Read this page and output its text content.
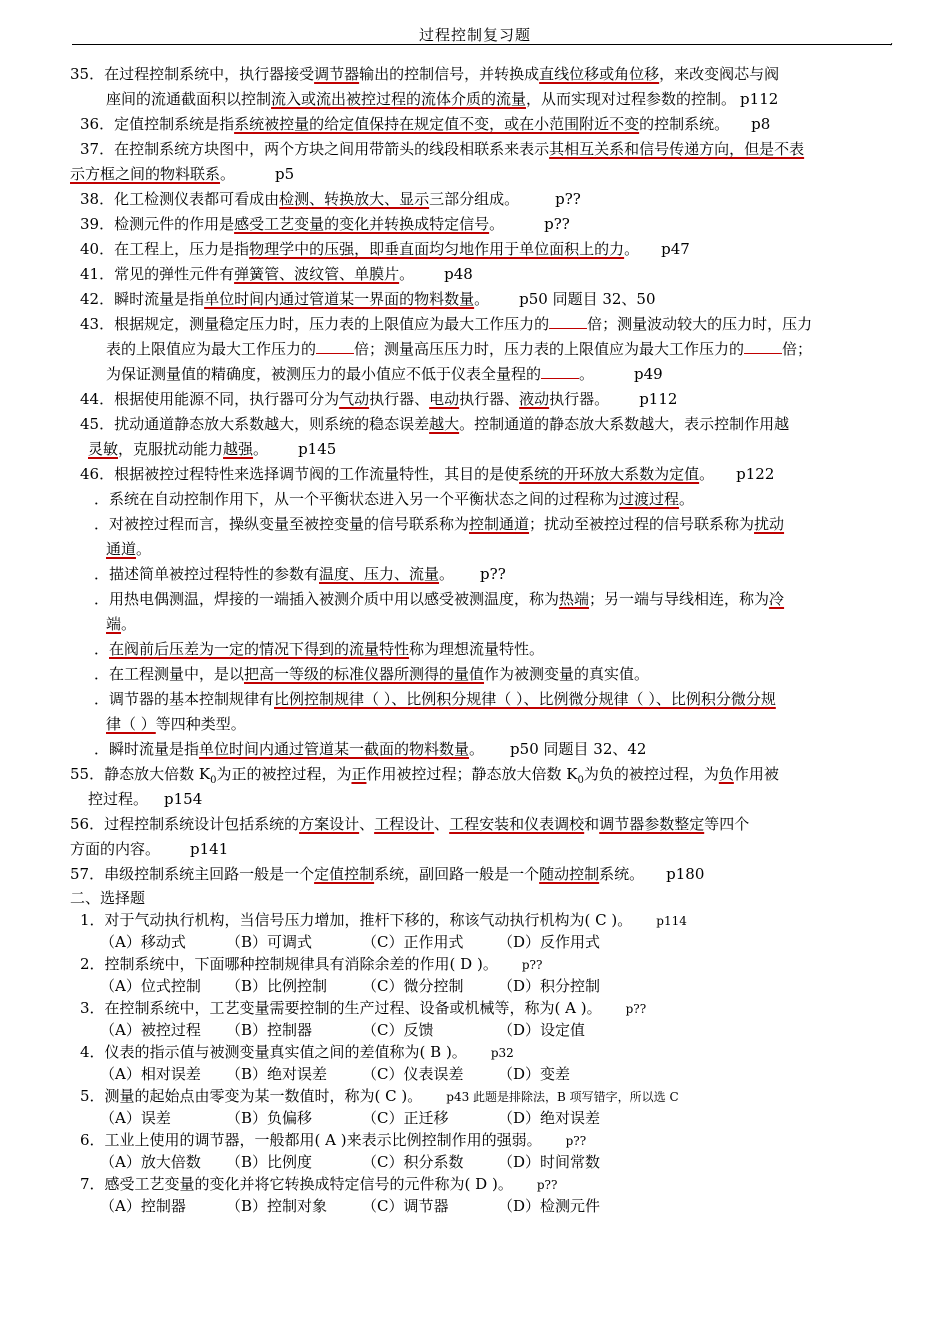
过程控制复习题	,
35．在过程控制系统中，执行器接受调节器输出的控制信号，并转换成直线位移或角位移，来改变阀芯与阀
座间的流通截面积以控制流入或流出被控过程的流体介质的流量，从而实现对过程参数的控制。 p112
36．定值控制系统是指系统被控量的给定值保持在规定值不变，或在小范围附近不变的控制系统。 p8
37．在控制系统方块图中，两个方块之间用带箭头的线段相联系来表示其相互关系和信号传递方向，但是不表
示方框之间的物料联系。	p5
38．化工检测仪表都可看成由检测、转换放大、显示三部分组成。 p??
39．检测元件的作用是感受工艺变量的变化并转换成特定信号。	p??
40．在工程上，压力是指物理学中的压强，即垂直面均匀地作用于单位面积上的力。 p47
41．常见的弹性元件有弹簧管、波纹管、单膜片。 p48
42．瞬时流量是指单位时间内通过管道某一界面的物料数量。 p50 同题目 32、50
43．根据规定，测量稳定压力时，压力表的上限值应为最大工作压力的	倍；测量波动较大的压力时，压力
表的上限值应为最大工作压力的	倍；测量高压压力时，压力表的上限值应为最大工作压力的	倍；
为保证测量值的精确度，被测压力的最小值应不低于仪表全量程的	。	p49
44．根据使用能源不同，执行器可分为气动执行器、电动执行器、液动执行器。 p112
45．扰动通道静态放大系数越大，则系统的稳态误差越大。控制通道的静态放大系数越大，表示控制作用越
灵敏，克服扰动能力越强。 p145
46．根据被控过程特性来选择调节阀的工作流量特性，其目的是使系统的开环放大系数为定值。 p122
．系统在自动控制作用下，从一个平衡状态进入另一个平衡状态之间的过程称为过渡过程。
．对被控过程而言，操纵变量至被控变量的信号联系称为控制通道；扰动至被控过程的信号联系称为扰动
通道。
．描述简单被控过程特性的参数有温度、压力、流量。 p??
．用热电偶测温，焊接的一端插入被测介质中用以感受被测温度，称为热端；另一端与导线相连，称为冷
端。
．在阀前后压差为一定的情况下得到的流量特性称为理想流量特性。
．在工程测量中，是以把高一等级的标准仪器所测得的量值作为被测变量的真实值。
．调节器的基本控制规律有比例控制规律（ ）、比例积分规律（ ）、比例微分规律（ ）、比例积分微分规
律（ ）等四种类型。
．瞬时流量是指单位时间内通过管道某一截面的物料数量。 p50 同题目 32、42
55．静态放大倍数 $K_0$为正的被控过程，为正作用被控过程；静态放大倍数 $K_0$为负的被控过程，为负作用被
控过程。 p154
56．过程控制系统设计包括系统的方案设计、工程设计、工程安装和仪表调校和调节器参数整定等四个
方面的内容。 p141
57．串级控制系统主回路一般是一个定值控制系统，副回路一般是一个随动控制系统。 p180
二、选择题
1．对于气动执行机构，当信号压力增加，推杆下移的，称该气动执行机构为( C )。 p114
（A）移动式	（B）可调式	（C）正作用式 （D）反作用式
2．控制系统中，下面哪种控制规律具有消除余差的作用( D )。 p??
（A）位式控制 （B）比例控制 （C）微分控制 （D）积分控制
3．在控制系统中，工艺变量需要控制的生产过程、设备或机械等，称为( A )。 p??
（A）被控过程 （B）控制器	（C）反馈	（D）设定值
4．仪表的指示值与被测变量真实值之间的差值称为( B )。 p32
（A）相对误差 （B）绝对误差 （C）仪表误差 （D）变差
5．测量的起始点由零变为某一数值时，称为( C )。 p43 此题是排除法，B 项写错字，所以选 C
（A）误差	（B）负偏移	（C）正迁移	（D）绝对误差
6．工业上使用的调节器，一般都用( A )来表示比例控制作用的强弱。 p??
（A）放大倍数 （B）比例度	（C）积分系数 （D）时间常数
7．感受工艺变量的变化并将它转换成特定信号的元件称为( D )。 p??
（A）控制器	（B）控制对象 （C）调节器	（D）检测元件
